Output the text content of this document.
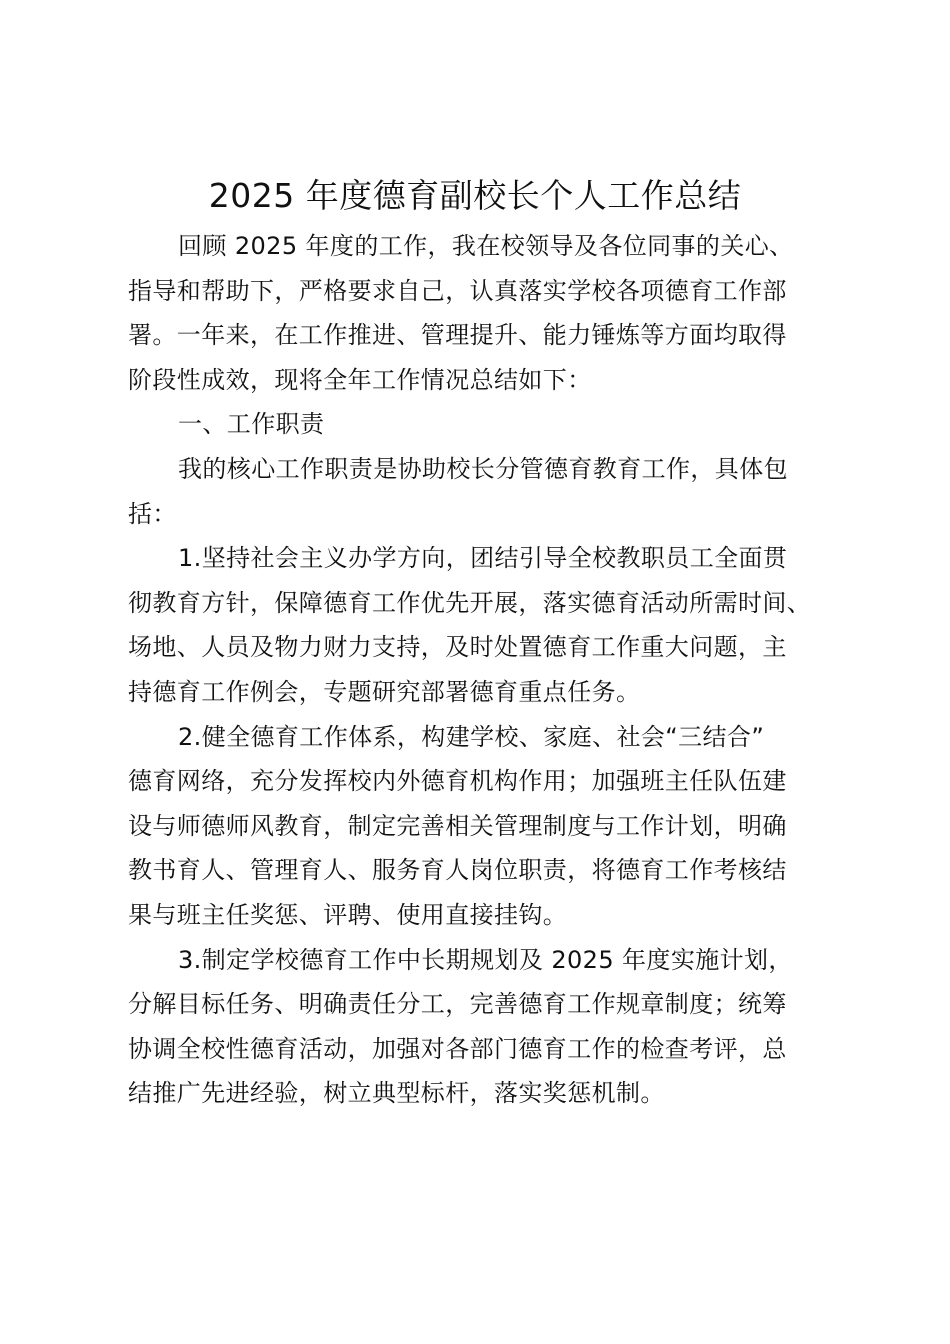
2025 年度德育副校长个人工作总结
回顾 2025 年度的工作，我在校领导及各位同事的关心、
指导和帮助下，严格要求自己，认真落实学校各项德育工作部
署。一年来，在工作推进、管理提升、能力锤炼等方面均取得
阶段性成效，现将全年工作情况总结如下：
一、工作职责
我的核心工作职责是协助校长分管德育教育工作，具体包
括：
1.坚持社会主义办学方向，团结引导全校教职员工全面贯
彻教育方针，保障德育工作优先开展，落实德育活动所需时间、
场地、人员及物力财力支持，及时处置德育工作重大问题，主
持德育工作例会，专题研究部署德育重点任务。
2.健全德育工作体系，构建学校、家庭、社会“三结合”
德育网络，充分发挥校内外德育机构作用；加强班主任队伍建
设与师德师风教育，制定完善相关管理制度与工作计划，明确
教书育人、管理育人、服务育人岗位职责，将德育工作考核结
果与班主任奖惩、评聘、使用直接挂钩。
3.制定学校德育工作中长期规划及 2025 年度实施计划，
分解目标任务、明确责任分工，完善德育工作规章制度；统筹
协调全校性德育活动，加强对各部门德育工作的检查考评，总
结推广先进经验，树立典型标杆，落实奖惩机制。
